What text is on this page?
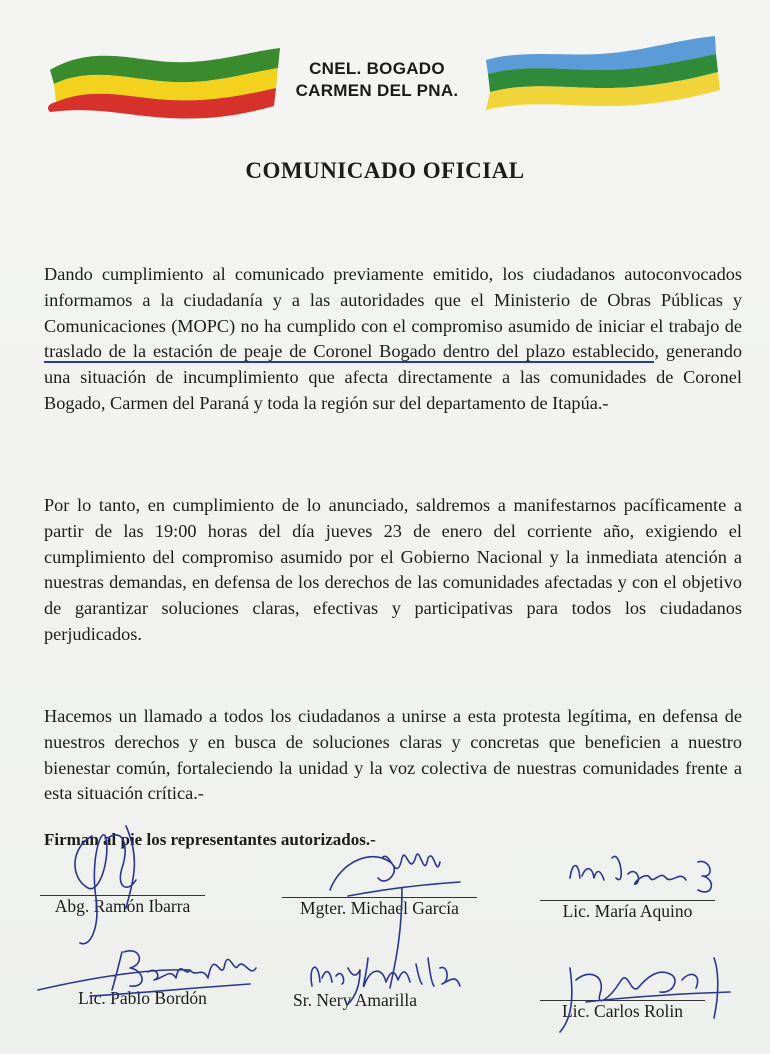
CNEL. BOGADO
CARMEN DEL PNA.
COMUNICADO OFICIAL
Dando cumplimiento al comunicado previamente emitido, los ciudadanos autoconvocados informamos a la ciudadanía y a las autoridades que el Ministerio de Obras Públicas y Comunicaciones (MOPC) no ha cumplido con el compromiso asumido de iniciar el trabajo de traslado de la estación de peaje de Coronel Bogado dentro del plazo establecido, generando una situación de incumplimiento que afecta directamente a las comunidades de Coronel Bogado, Carmen del Paraná y toda la región sur del departamento de Itapúa.-
Por lo tanto, en cumplimiento de lo anunciado, saldremos a manifestarnos pacíficamente a partir de las 19:00 horas del día jueves 23 de enero del corriente año, exigiendo el cumplimiento del compromiso asumido por el Gobierno Nacional y la inmediata atención a nuestras demandas, en defensa de los derechos de las comunidades afectadas y con el objetivo de garantizar soluciones claras, efectivas y participativas para todos los ciudadanos perjudicados.
Hacemos un llamado a todos los ciudadanos a unirse a esta protesta legítima, en defensa de nuestros derechos y en busca de soluciones claras y concretas que beneficien a nuestro bienestar común, fortaleciendo la unidad y la voz colectiva de nuestras comunidades frente a esta situación crítica.-
Firman al pie los representantes autorizados.-
Abg. Ramón Ibarra	Mgter. Michael García	Lic. María Aquino
Lic. Pablo Bordón	Sr. Nery Amarilla
Lic. Carlos Rolin
